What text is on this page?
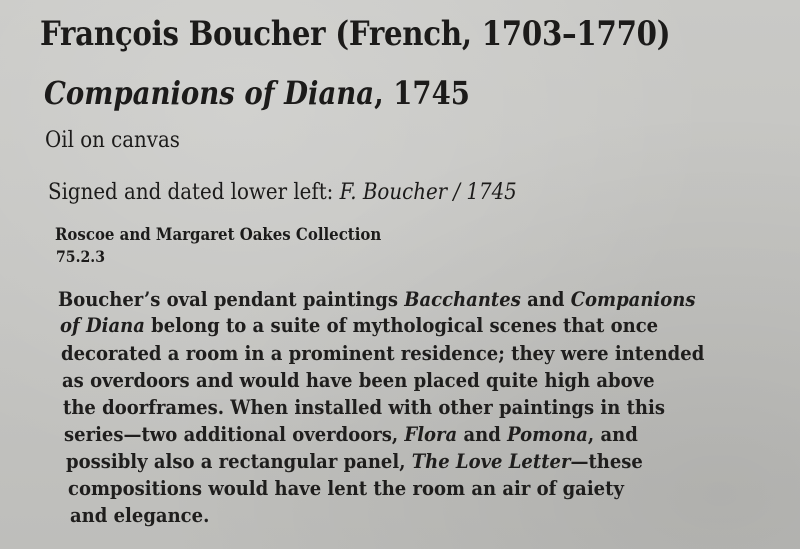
François Boucher (French, 1703–1770)
Companions of Diana, 1745
Oil on canvas
Signed and dated lower left: F. Boucher / 1745
Roscoe and Margaret Oakes Collection
75.2.3
Boucher’s oval pendant paintings Bacchantes and Companions
of Diana belong to a suite of mythological scenes that once
decorated a room in a prominent residence; they were intended
as overdoors and would have been placed quite high above
the doorframes. When installed with other paintings in this
series—two additional overdoors, Flora and Pomona, and
possibly also a rectangular panel, The Love Letter—these
compositions would have lent the room an air of gaiety
and elegance.
